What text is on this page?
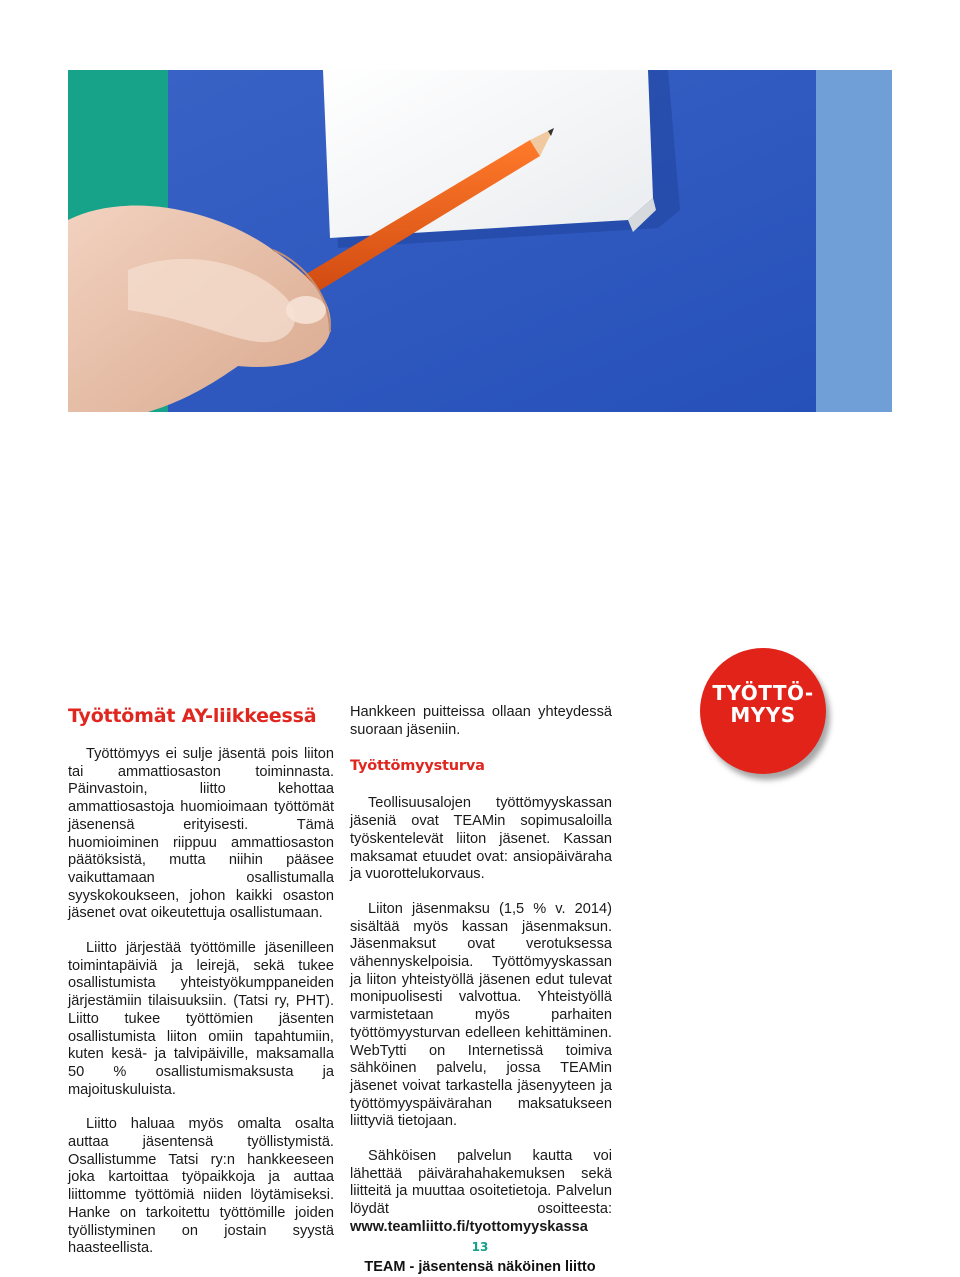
Työttömät AY-liikkeessä

Työttömyys ei sulje jäsentä pois liiton tai ammattiosaston toiminnasta. Päinvastoin, liitto kehottaa ammattiosastoja huomioimaan työttömät jäsenensä erityisesti. Tämä huomioiminen riippuu ammattiosaston päätöksistä, mutta niihin pääsee vaikuttamaan osallistumalla syyskokoukseen, johon kaikki osaston jäsenet ovat oikeutettuja osallistumaan.

Liitto järjestää työttömille jäsenilleen toimintapäiviä ja leirejä, sekä tukee osallistumista yhteistyökumppaneiden järjestämiin tilaisuuksiin. (Tatsi ry, PHT). Liitto tukee työttömien jäsenten osallistumista liiton omiin tapahtumiin, kuten kesä- ja talvipäiville, maksamalla 50 % osallistumismaksusta ja majoituskuluista.

Liitto haluaa myös omalta osalta auttaa jäsentensä työllistymistä. Osallistumme Tatsi ry:n hankkeeseen joka kartoittaa työpaikkoja ja auttaa liittomme työttömiä niiden löytämiseksi. Hanke on tarkoitettu työttömille joiden työllistyminen on jostain syystä haasteellista.

Hankkeen puitteissa ollaan yhteydessä suoraan jäseniin.

Työttömyysturva

Teollisuusalojen työttömyyskassan jäseniä ovat TEAMin sopimusaloilla työskentelevät liiton jäsenet. Kassan maksamat etuudet ovat: ansiopäiväraha ja vuorottelukorvaus.

Liiton jäsenmaksu (1,5 % v. 2014) sisältää myös kassan jäsenmaksun. Jäsenmaksut ovat verotuksessa vähennyskelpoisia. Työttömyyskassan ja liiton yhteistyöllä jäsenen edut tulevat monipuolisesti valvottua. Yhteistyöllä varmistetaan myös parhaiten työttömyysturvan edelleen kehittäminen. WebTytti on Internetissä toimiva sähköinen palvelu, jossa TEAMin jäsenet voivat tarkastella jäsenyyteen ja työttömyyspäivärahan maksatukseen liittyviä tietojaan.

Sähköisen palvelun kautta voi lähettää päivärahahakemuksen sekä liitteitä ja muuttaa osoitetietoja. Palvelun löydät osoitteesta: www.teamliitto.fi/tyottomyyskassa

TYÖTTÖ-
MYYS
13
TEAM - jäsentensä näköinen liitto
